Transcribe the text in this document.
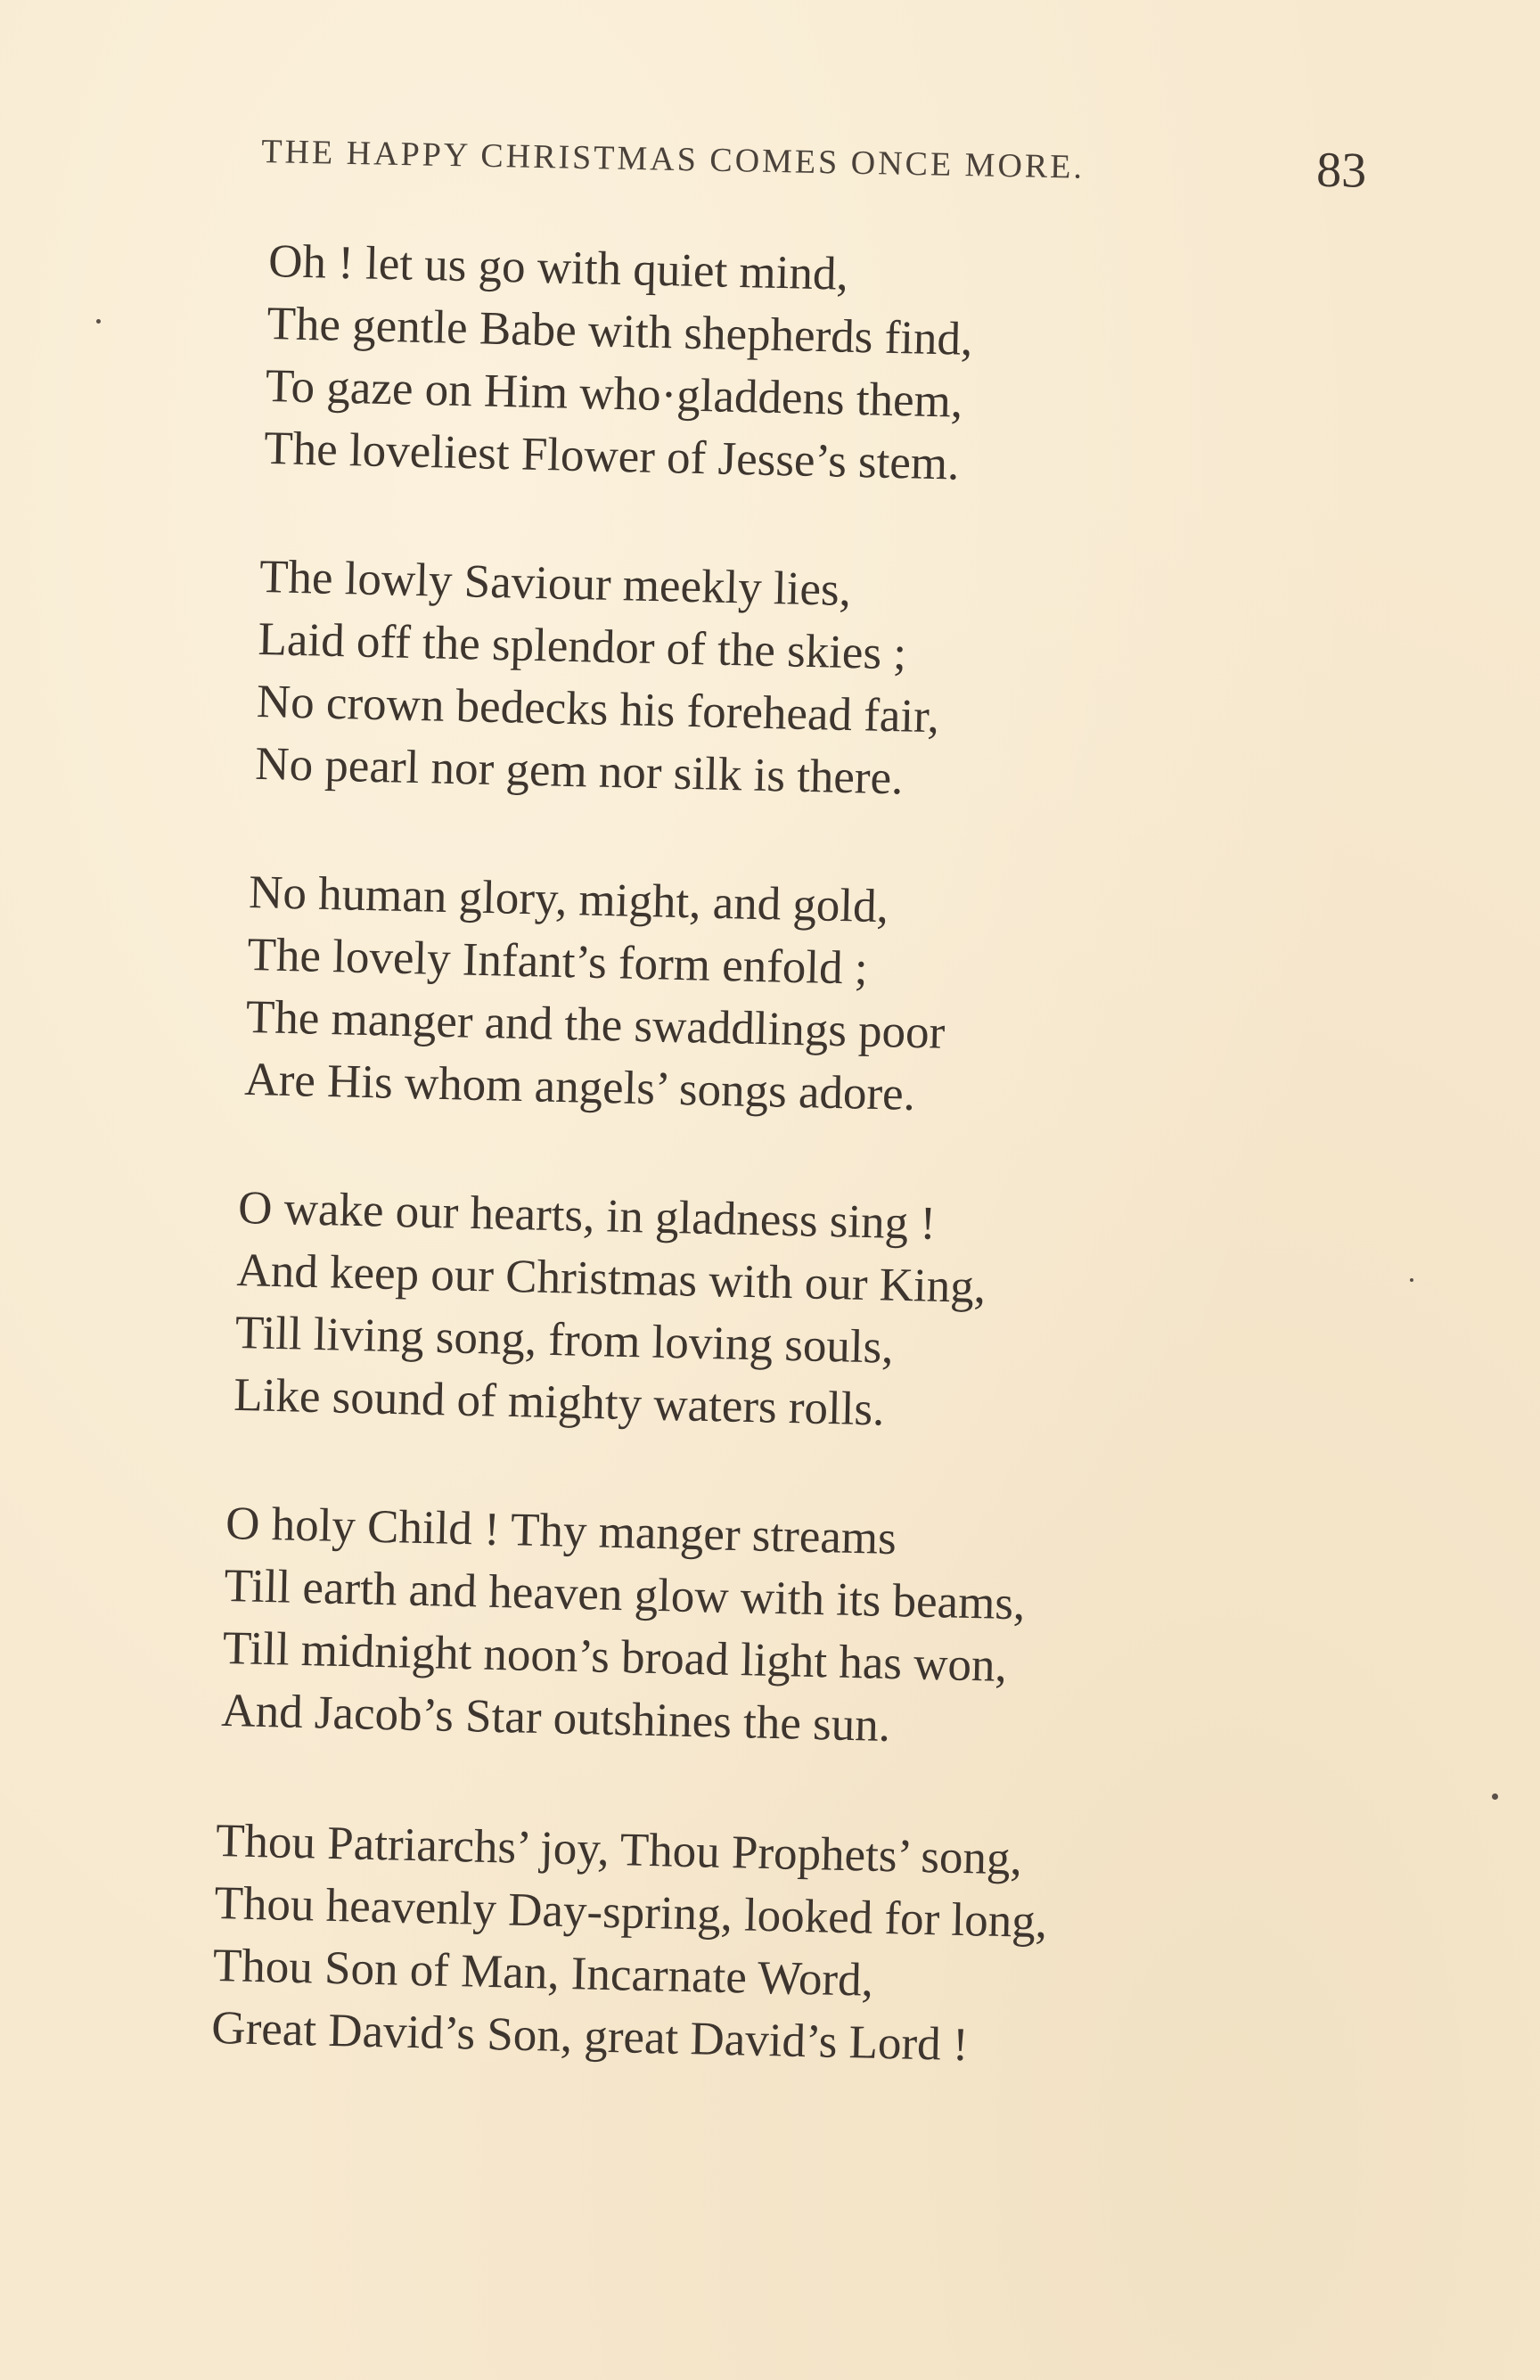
THE HAPPY CHRISTMAS COMES ONCE MORE.	83
Oh ! let us go with quiet mind,
The gentle Babe with shepherds find,
To gaze on Him who·gladdens them,
The loveliest Flower of Jesse’s stem.
The lowly Saviour meekly lies,
Laid off the splendor of the skies ;
No crown bedecks his forehead fair,
No pearl nor gem nor silk is there.
No human glory, might, and gold,
The lovely Infant’s form enfold ;
The manger and the swaddlings poor
Are His whom angels’ songs adore.
O wake our hearts, in gladness sing !
And keep our Christmas with our King,
Till living song, from loving souls,
Like sound of mighty waters rolls.
O holy Child ! Thy manger streams
Till earth and heaven glow with its beams,
Till midnight noon’s broad light has won,
And Jacob’s Star outshines the sun.
Thou Patriarchs’ joy, Thou Prophets’ song,
Thou heavenly Day-spring, looked for long,
Thou Son of Man, Incarnate Word,
Great David’s Son, great David’s Lord !
